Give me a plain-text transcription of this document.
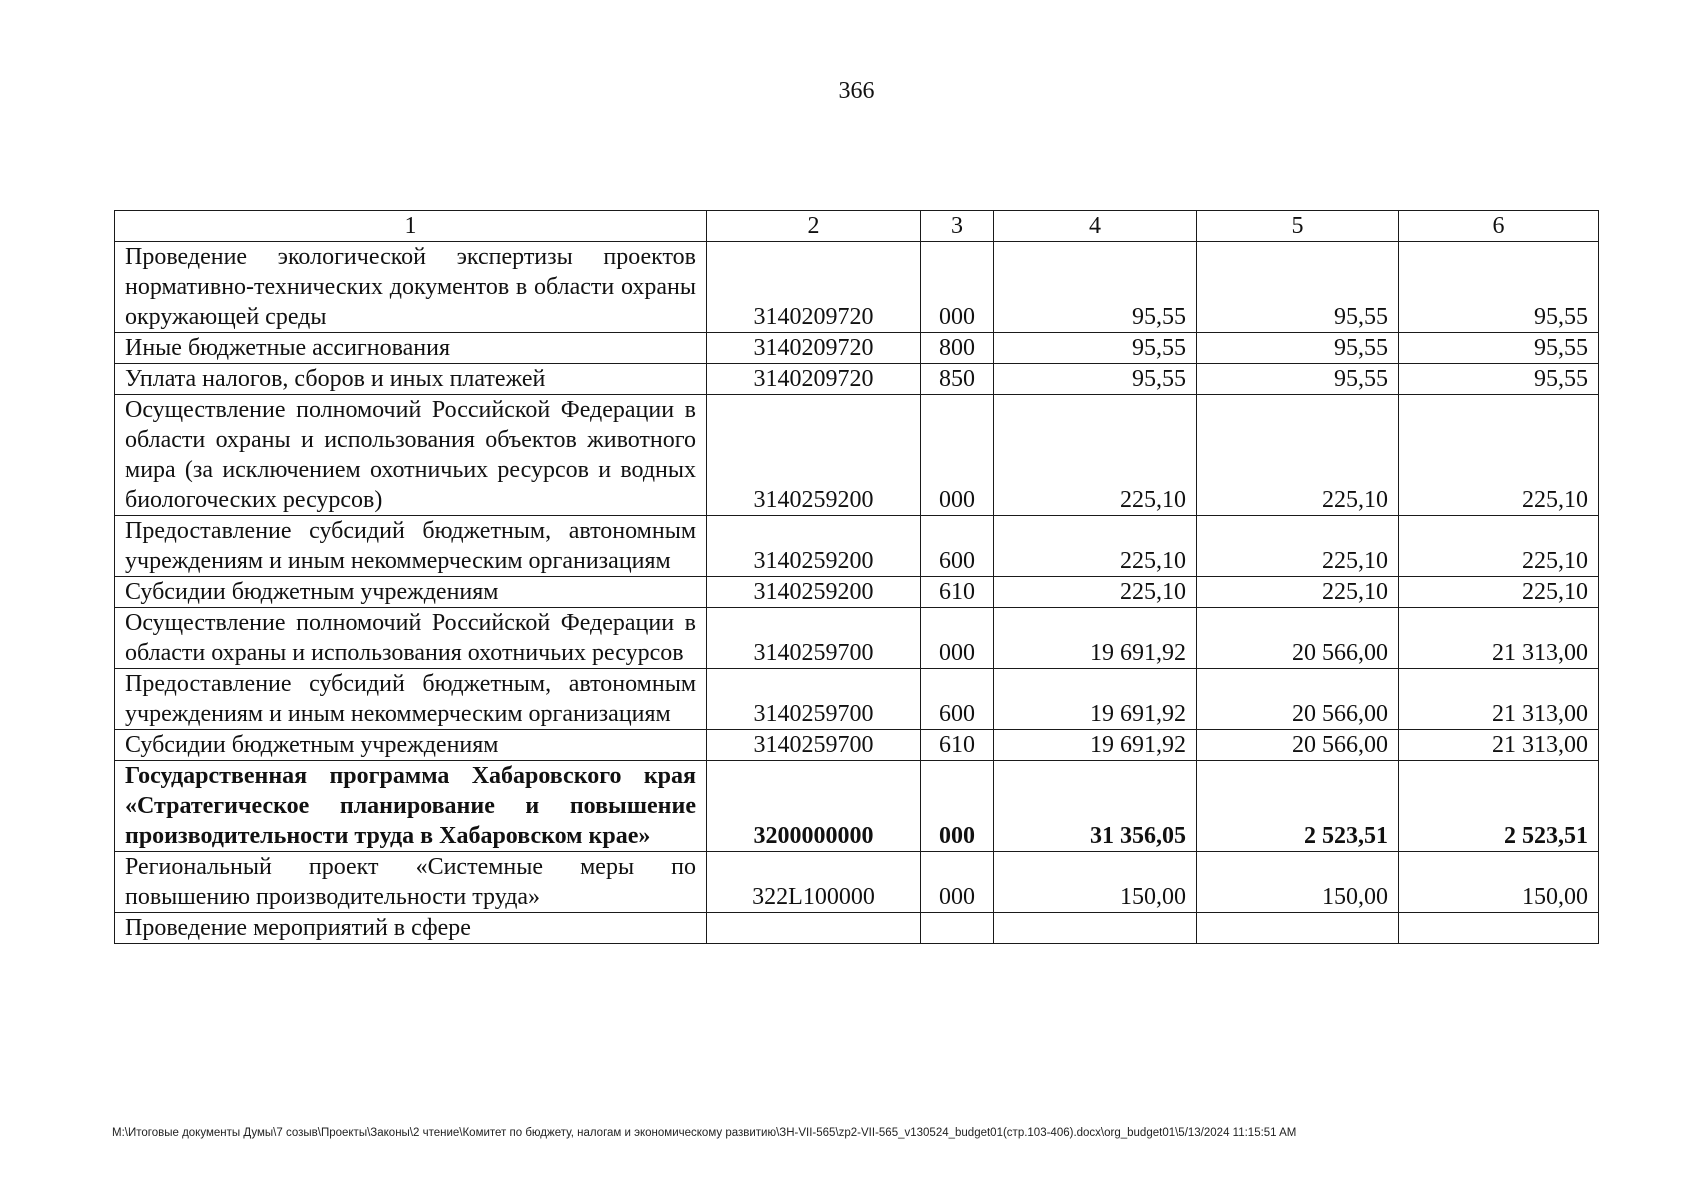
366
1	2	3	4	5	6
Проведение экологической экспертизы проектов нормативно-технических документов в области охраны окружающей среды	3140209720	000	95,55	95,55	95,55
Иные бюджетные ассигнования	3140209720	800	95,55	95,55	95,55
Уплата налогов, сборов и иных платежей	3140209720	850	95,55	95,55	95,55
Осуществление полномочий Российской Федерации в области охраны и использования объектов животного мира (за исключением охотничьих ресурсов и водных биологоческих ресурсов)	3140259200	000	225,10	225,10	225,10
Предоставление субсидий бюджетным, автономным учреждениям и иным некоммерческим организациям	3140259200	600	225,10	225,10	225,10
Субсидии бюджетным учреждениям	3140259200	610	225,10	225,10	225,10
Осуществление полномочий Российской Федерации в области охраны и использования охотничьих ресурсов	3140259700	000	19 691,92	20 566,00	21 313,00
Предоставление субсидий бюджетным, автономным учреждениям и иным некоммерческим организациям	3140259700	600	19 691,92	20 566,00	21 313,00
Субсидии бюджетным учреждениям	3140259700	610	19 691,92	20 566,00	21 313,00
Государственная программа Хабаровского края «Стратегическое планирование и повышение производительности труда в Хабаровском крае»	3200000000	000	31 356,05	2 523,51	2 523,51
Региональный проект «Системные меры по повышению производительности труда»	322L100000	000	150,00	150,00	150,00
Проведение мероприятий в сфере					
M:\Итоговые документы Думы\7 созыв\Проекты\Законы\2 чтение\Комитет по бюджету, налогам и экономическому развитию\ЗН-VII-565\zp2-VII-565_v130524_budget01(стр.103-406).docx\org_budget01\5/13/2024 11:15:51 AM
